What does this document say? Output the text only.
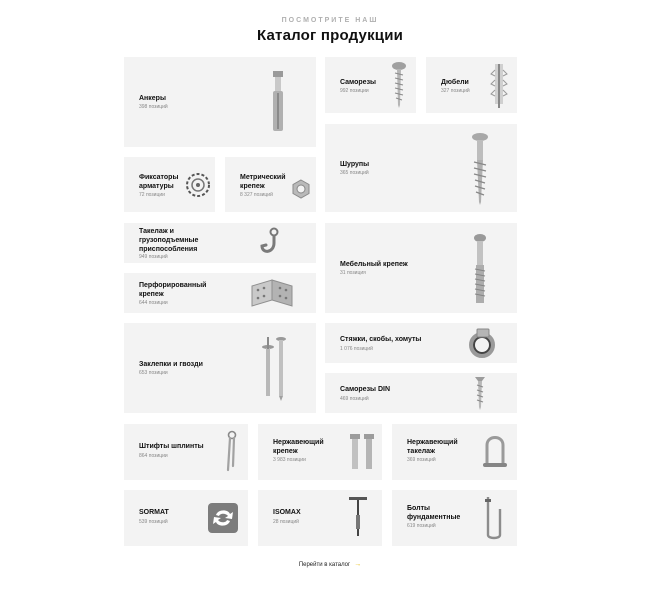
ПОСМОТРИТЕ НАШ
Каталог продукции
Анкеры
398 позиций
Саморезы
992 позиции
Дюбели
327 позиций
Шурупы
365 позиций
Фиксаторы арматуры
72 позиции
Метрический крепеж
8 327 позиций
Такелаж и грузоподъемные приспособления
949 позиций
Мебельный крепеж
31 позиция
Перфорированный крепеж
644 позиции
Заклепки и гвозди
653 позиции
Стяжки, скобы, хомуты
1 076 позиций
Саморезы DIN
469 позиций
Штифты шплинты
864 позиции
Нержавеющий крепеж
3 983 позиции
Нержавеющий такелаж
369 позиций
SORMAT
539 позиций
ISOMAX
28 позиций
Болты фундаментные
619 позиций
Перейти в каталог →
